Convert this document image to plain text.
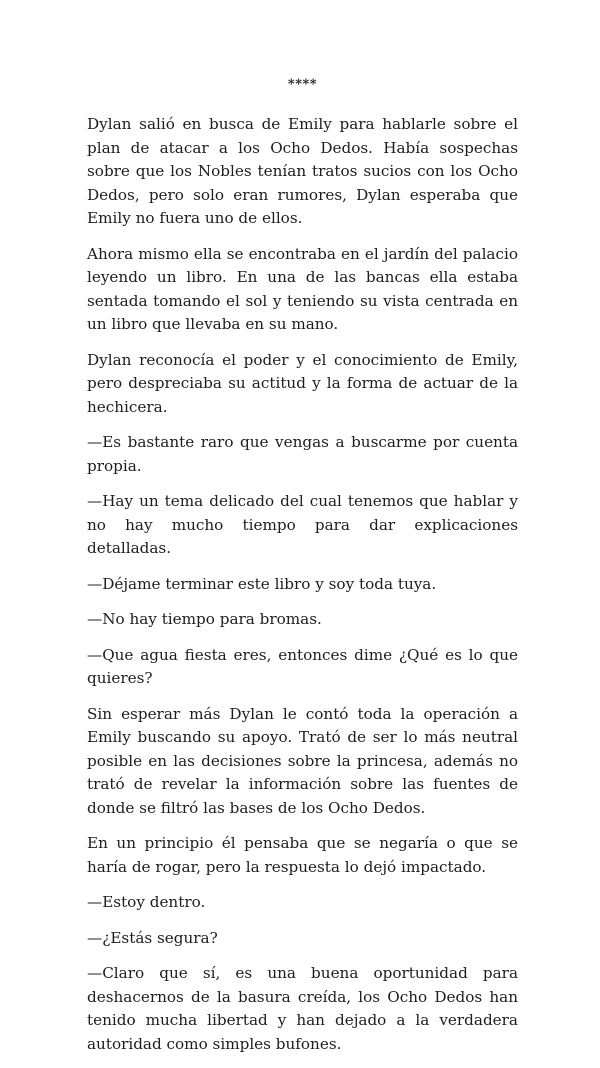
****

Dylan salió en busca de Emily para hablarle sobre el plan de atacar a los Ocho Dedos. Había sospechas sobre que los Nobles tenían tratos sucios con los Ocho Dedos, pero solo eran rumores, Dylan esperaba que Emily no fuera uno de ellos.

Ahora mismo ella se encontraba en el jardín del palacio leyendo un libro. En una de las bancas ella estaba sentada tomando el sol y teniendo su vista centrada en un libro que llevaba en su mano.

Dylan reconocía el poder y el conocimiento de Emily, pero despreciaba su actitud y la forma de actuar de la hechicera.

—Es bastante raro que vengas a buscarme por cuenta propia.

—Hay un tema delicado del cual tenemos que hablar y no hay mucho tiempo para dar explicaciones detalladas.

—Déjame terminar este libro y soy toda tuya.

—No hay tiempo para bromas.

—Que agua fiesta eres, entonces dime ¿Qué es lo que quieres?

Sin esperar más Dylan le contó toda la operación a Emily buscando su apoyo. Trató de ser lo más neutral posible en las decisiones sobre la princesa, además no trató de revelar la información sobre las fuentes de donde se filtró las bases de los Ocho Dedos.

En un principio él pensaba que se negaría o que se haría de rogar, pero la respuesta lo dejó impactado.

—Estoy dentro.

—¿Estás segura?

—Claro que sí, es una buena oportunidad para deshacernos de la basura creída, los Ocho Dedos han tenido mucha libertad y han dejado a la verdadera autoridad como simples bufones.
